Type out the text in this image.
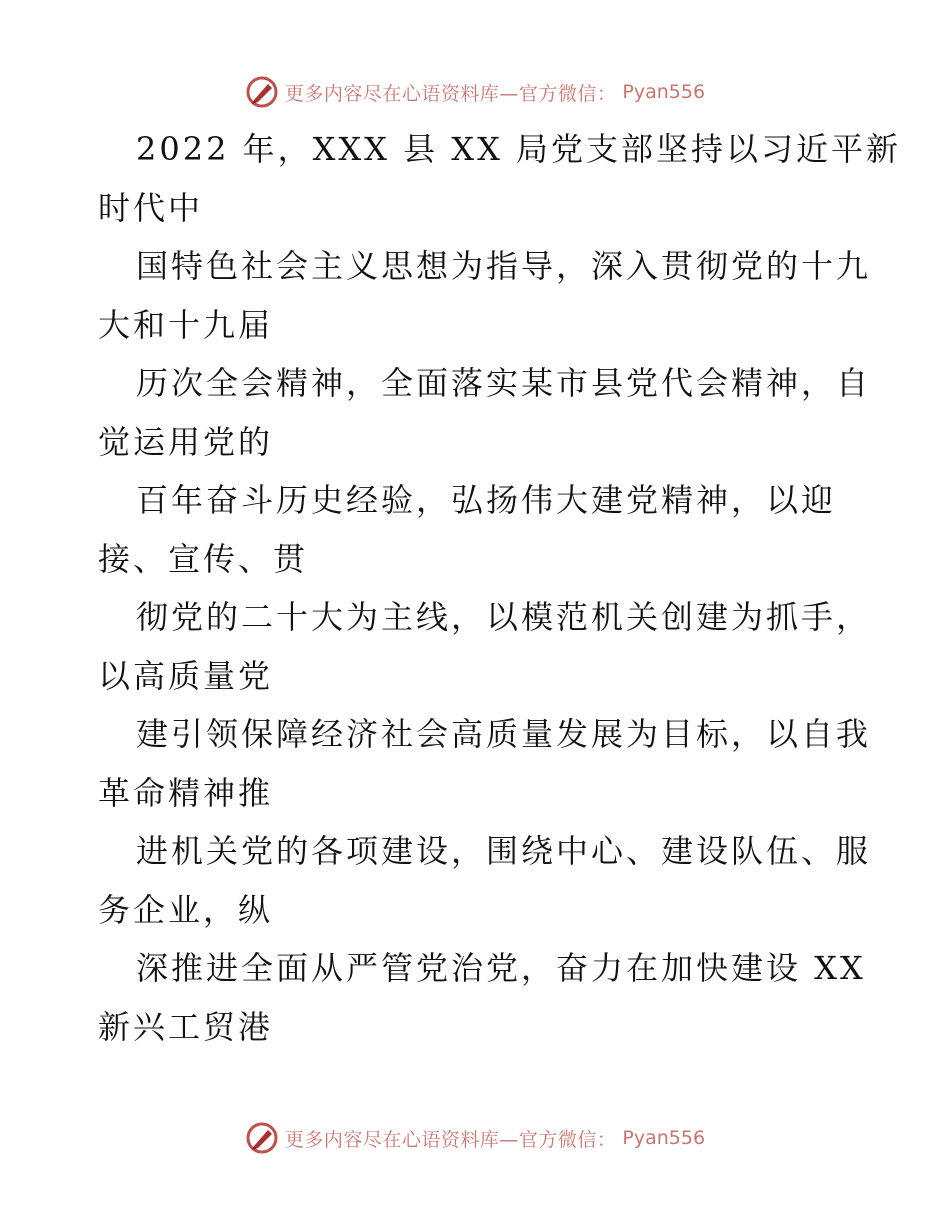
更多内容尽在心语资料库—官方微信： Pyan556
2022 年，XXX 县 XX 局党支部坚持以习近平新
时代中
国特色社会主义思想为指导，深入贯彻党的十九
大和十九届
历次全会精神，全面落实某市县党代会精神，自
觉运用党的
百年奋斗历史经验，弘扬伟大建党精神，以迎
接、宣传、贯
彻党的二十大为主线，以模范机关创建为抓手，
以高质量党
建引领保障经济社会高质量发展为目标，以自我
革命精神推
进机关党的各项建设，围绕中心、建设队伍、服
务企业，纵
深推进全面从严管党治党，奋力在加快建设 XX
新兴工贸港
更多内容尽在心语资料库—官方微信： Pyan556
